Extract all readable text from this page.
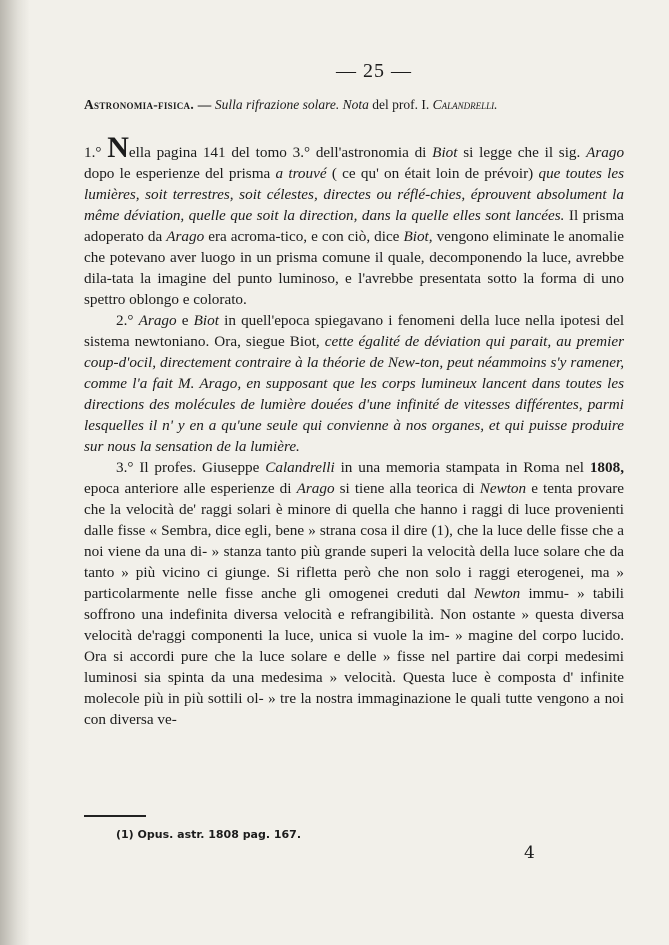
— 25 —
Astronomia-fisica. — Sulla rifrazione solare. Nota del prof. I. Calandrelli.

1.° Nella pagina 141 del tomo 3.° dell'astronomia di Biot si legge che il sig. Arago dopo le esperienze del prisma a trouvé ( ce qu' on était loin de prévoir) que toutes les lumières, soit terrestres, soit célestes, directes ou réflé-chies, éprouvent absolument la même déviation, quelle que soit la direction, dans la quelle elles sont lancées. Il prisma adoperato da Arago era acroma-tico, e con ciò, dice Biot, vengono eliminate le anomalie che potevano aver luogo in un prisma comune il quale, decomponendo la luce, avrebbe dila-tata la imagine del punto luminoso, e l'avrebbe presentata sotto la forma di uno spettro oblongo e colorato.

2.° Arago e Biot in quell'epoca spiegavano i fenomeni della luce nella ipotesi del sistema newtoniano. Ora, siegue Biot, cette égalité de déviation qui parait, au premier coup-d'ocil, directement contraire à la théorie de New-ton, peut néammoins s'y ramener, comme l'a fait M. Arago, en supposant que les corps lumineux lancent dans toutes les directions des molécules de lumière douées d'une infinité de vitesses différentes, parmi lesquelles il n' y en a qu'une seule qui convienne à nos organes, et qui puisse produire sur nous la sensation de la lumière.

3.° Il profes. Giuseppe Calandrelli in una memoria stampata in Roma nel 1808, epoca anteriore alle esperienze di Arago si tiene alla teorica di Newton e tenta provare che la velocità de' raggi solari è minore di quella che hanno i raggi di luce provenienti dalle fisse « Sembra, dice egli, bene » strana cosa il dire (1), che la luce delle fisse che a noi viene da una di- » stanza tanto più grande superi la velocità della luce solare che da tanto » più vicino ci giunge. Si rifletta però che non solo i raggi eterogenei, ma » particolarmente nelle fisse anche gli omogenei creduti dal Newton immu- » tabili soffrono una indefinita diversa velocità e refrangibilità. Non ostante » questa diversa velocità de'raggi componenti la luce, unica si vuole la im- » magine del corpo lucido. Ora si accordi pure che la luce solare e delle » fisse nel partire dai corpi medesimi luminosi sia spinta da una medesima » velocità. Questa luce è composta d' infinite molecole più in più sottili ol- » tre la nostra immaginazione le quali tutte vengono a noi con diversa ve-

(1) Opus. astr. 1808 pag. 167.
4
